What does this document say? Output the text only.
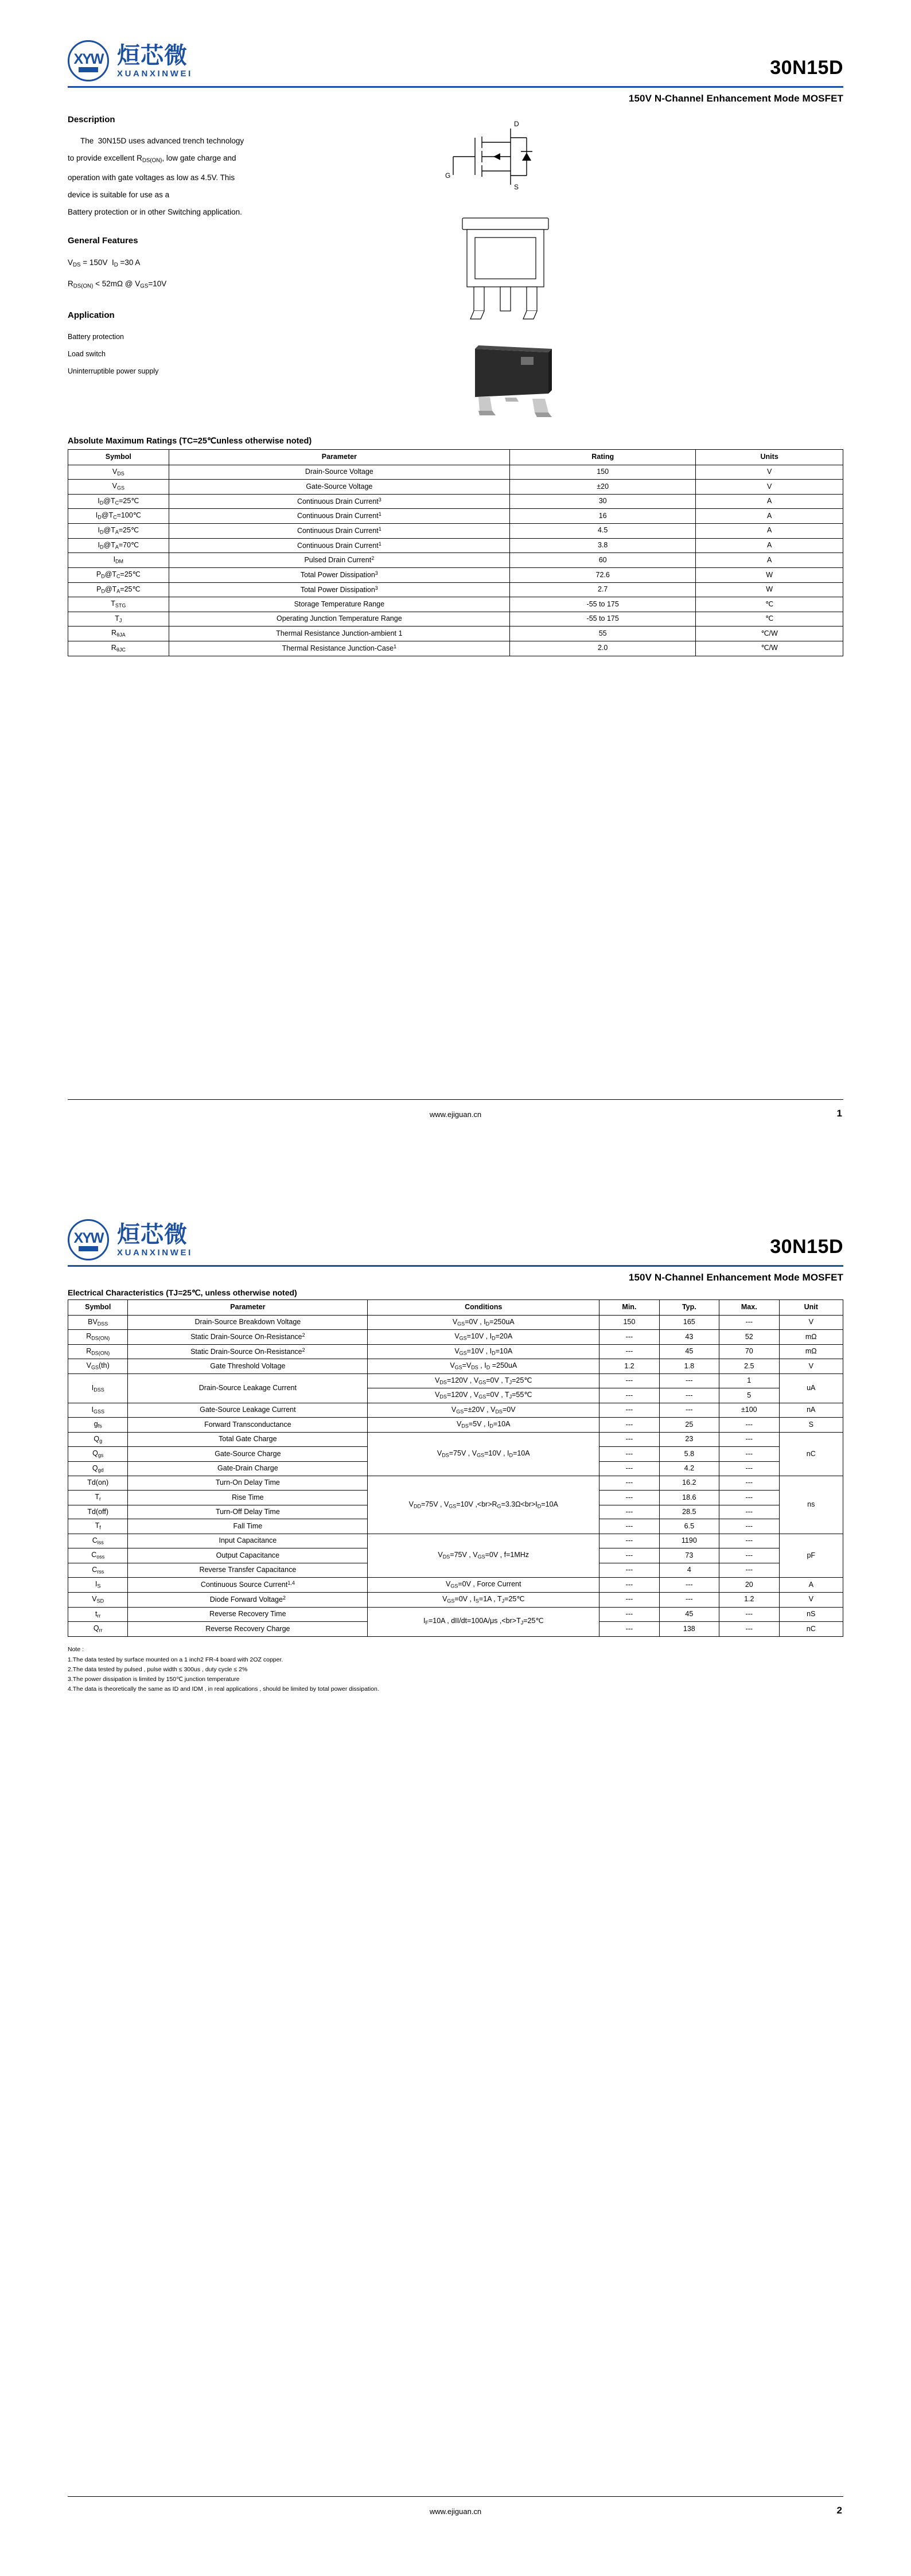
XYW 烜芯微
XUANXINWEI	30N15D
150V N-Channel Enhancement Mode MOSFET
Description

The  30N15D uses advanced trench technology

to provide excellent $R_{DS(ON)}$, low gate charge and

operation with gate voltages as low as 4.5V. This

device is suitable for use as a

Battery protection or in other Switching application.

General Features

$V_{DS} = 150V$  $I_D =30$ A

$R_{DS(ON)} < 52m\Omega$ @ $V_{GS}=10V$

Application

Battery protection

Load switch

Uninterruptible power supply

D
G
S
Absolute Maximum Ratings (TC=25℃unless otherwise noted)
Symbol	Parameter	Rating	Units
$V_{DS}$	Drain-Source Voltage	150	V
$V_{GS}$	Gate-Source Voltage	±20	V
$I_D@T_C=25℃$	Continuous Drain Current$^3$	30	A
$I_D@T_C=100℃$	Continuous Drain Current$^1$	16	A
$I_D@T_A=25℃$	Continuous Drain Current$^1$	4.5	A
$I_D@T_A=70℃$	Continuous Drain Current$^1$	3.8	A
$I_{DM}$	Pulsed Drain Current$^2$	60	A
$P_D@T_C=25℃$	Total Power Dissipation$^3$	72.6	W
$P_D@T_A=25℃$	Total Power Dissipation$^3$	2.7	W
$T_{STG}$	Storage Temperature Range	-55 to 175	℃
$T_J$	Operating Junction Temperature Range	-55 to 175	℃
$R_{\theta JA}$	Thermal Resistance Junction-ambient 1	55	℃/W
$R_{\theta JC}$	Thermal Resistance Junction-Case$^1$	2.0	℃/W
www.ejiguan.cn	1
XYW 烜芯微
XUANXINWEI	30N15D
150V N-Channel Enhancement Mode MOSFET
Electrical Characteristics (TJ=25℃, unless otherwise noted)
Symbol	Parameter	Conditions	Min.	Typ.	Max.	Unit
$BV_{DSS}$	Drain-Source Breakdown Voltage	$V_{GS}=0V$ , $I_D=250uA$	150	165	---	V
$R_{DS(ON)}$	Static Drain-Source On-Resistance$^2$	$V_{GS}=10V$ , $I_D=20A$	---	43	52	mΩ
$R_{DS(ON)}$	Static Drain-Source On-Resistance$^2$	$V_{GS}=10V$ , $I_D=10A$	---	45	70	mΩ
$V_{GS}(th)$	Gate Threshold Voltage	$V_{GS}=V_{DS}$ , $I_D =250uA$	1.2	1.8	2.5	V
$I_{DSS}$	Drain-Source Leakage Current	$V_{DS}=120V$ , $V_{GS}=0V$ , $T_J=25℃$	---	---	1	uA
		$V_{DS}=120V$ , $V_{GS}=0V$ , $T_J=55℃$	---	---	5	
$I_{GSS}$	Gate-Source Leakage Current	$V_{GS}=\pm 20V$ , $V_{DS}=0V$	---	---	±100	nA
$g_{fs}$	Forward Transconductance	$V_{DS}=5V$ , $I_D=10A$	---	25	---	S
$Q_g$	Total Gate Charge	$V_{DS}=75V$ , $V_{GS}=10V$ , $I_D=10A$	---	23	---	nC
$Q_{gs}$	Gate-Source Charge		---	5.8	---	
$Q_{gd}$	Gate-Drain Charge		---	4.2	---	
Td(on)	Turn-On Delay Time	$V_{DD}=75V$ , $V_{GS}=10V$ $,<br>R_G=3.3\Omega<br>I_D=10A$	---	16.2	---	ns
$T_r$	Rise Time		---	18.6	---	
Td(off)	Turn-Off Delay Time		---	28.5	---	
$T_f$	Fall Time		---	6.5	---	
$C_{iss}$	Input Capacitance	$V_{DS}=75V$ , $V_{GS}=0V$ , f=1MHz	---	1190	---	pF
$C_{oss}$	Output Capacitance		---	73	---	
$C_{rss}$	Reverse Transfer Capacitance		---	4	---	
$I_S$	Continuous Source Current$^{1,4}$	$V_{GS}=0V$ , Force Current	---	---	20	A
$V_{SD}$	Diode Forward Voltage$^2$	$V_{GS}=0V$ , $I_S=1A$ , $T_J=25℃$	---	---	1.2	V
$t_{rr}$	Reverse Recovery Time	$I_F=10A$ , dII/dt=100A/μs $,<br>T_J=25℃$	---	45	---	nS
$Q_{rr}$	Reverse Recovery Charge		---	138	---	nC
Note :
1.The data tested by surface mounted on a 1 inch2 FR-4 board with 2OZ copper.
2.The data tested by pulsed , pulse width ≤ 300us , duty cycle ≤ 2%
3.The power dissipation is limited by 150℃ junction temperature
4.The data is theoretically the same as ID and IDM , in real applications , should be limited by total power dissipation.
www.ejiguan.cn	2
